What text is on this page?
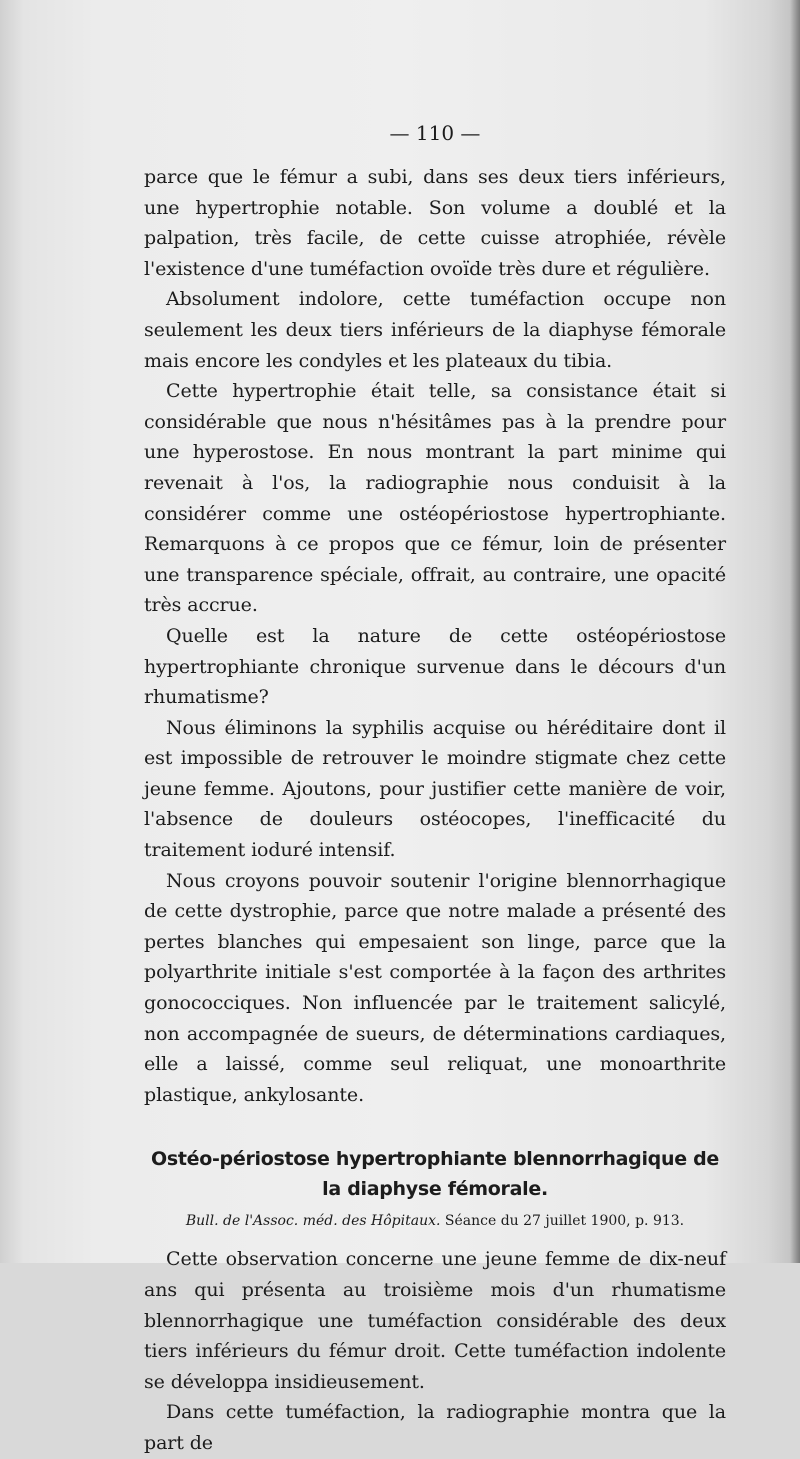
— 110 —

parce que le fémur a subi, dans ses deux tiers inférieurs, une hypertrophie notable. Son volume a doublé et la palpation, très facile, de cette cuisse atrophiée, révèle l'existence d'une tuméfaction ovoïde très dure et régulière.

Absolument indolore, cette tuméfaction occupe non seulement les deux tiers inférieurs de la diaphyse fémorale mais encore les condyles et les plateaux du tibia.

Cette hypertrophie était telle, sa consistance était si considérable que nous n'hésitâmes pas à la prendre pour une hyperostose. En nous montrant la part minime qui revenait à l'os, la radiographie nous conduisit à la considérer comme une ostéopériostose hypertrophiante. Remarquons à ce propos que ce fémur, loin de présenter une transparence spéciale, offrait, au contraire, une opacité très accrue.

Quelle est la nature de cette ostéopériostose hypertrophiante chronique survenue dans le décours d'un rhumatisme?

Nous éliminons la syphilis acquise ou héréditaire dont il est impossible de retrouver le moindre stigmate chez cette jeune femme. Ajoutons, pour justifier cette manière de voir, l'absence de douleurs ostéocopes, l'inefficacité du traitement ioduré intensif.

Nous croyons pouvoir soutenir l'origine blennorrhagique de cette dystrophie, parce que notre malade a présenté des pertes blanches qui empesaient son linge, parce que la polyarthrite initiale s'est comportée à la façon des arthrites gonococciques. Non influencée par le traitement salicylé, non accompagnée de sueurs, de déterminations cardiaques, elle a laissé, comme seul reliquat, une monoarthrite plastique, ankylosante.

Ostéo-périostose hypertrophiante blennorrhagique de la diaphyse fémorale.
Bull. de l'Assoc. méd. des Hôpitaux. Séance du 27 juillet 1900, p. 913.

Cette observation concerne une jeune femme de dix-neuf ans qui présenta au troisième mois d'un rhumatisme blennorrhagique une tuméfaction considérable des deux tiers inférieurs du fémur droit. Cette tuméfaction indolente se développa insidieusement.

Dans cette tuméfaction, la radiographie montra que la part de
